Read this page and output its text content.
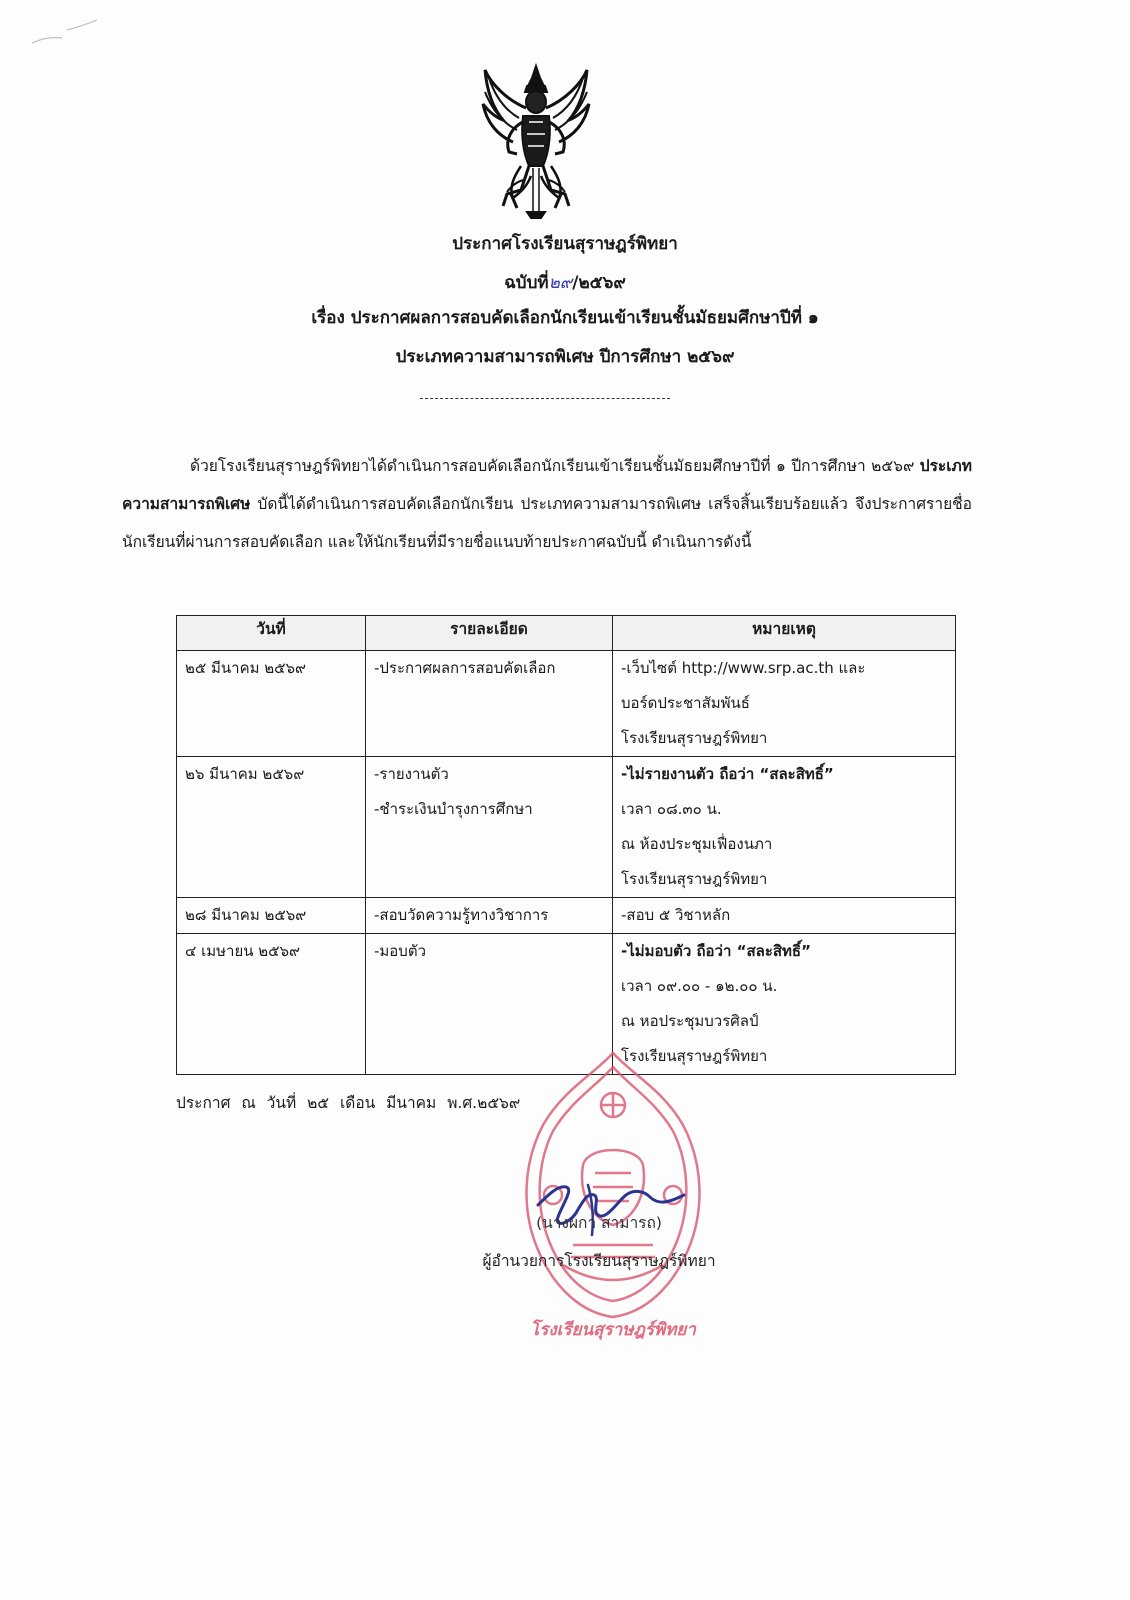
ประกาศโรงเรียนสุราษฎร์พิทยา
ฉบับที่๒๙/๒๕๖๙
เรื่อง ประกาศผลการสอบคัดเลือกนักเรียนเข้าเรียนชั้นมัธยมศึกษาปีที่ ๑
ประเภทความสามารถพิเศษ ปีการศึกษา ๒๕๖๙

ด้วยโรงเรียนสุราษฎร์พิทยาได้ดำเนินการสอบคัดเลือกนักเรียนเข้าเรียนชั้นมัธยมศึกษาปีที่ ๑ ปีการศึกษา ๒๕๖๙ ประเภทความสามารถพิเศษ บัดนี้ได้ดำเนินการสอบคัดเลือกนักเรียน ประเภทความสามารถพิเศษ เสร็จสิ้นเรียบร้อยแล้ว จึงประกาศรายชื่อนักเรียนที่ผ่านการสอบคัดเลือก และให้นักเรียนที่มีรายชื่อแนบท้ายประกาศฉบับนี้ ดำเนินการดังนี้

วันที่	รายละเอียด	หมายเหตุ
๒๕ มีนาคม ๒๕๖๙	-ประกาศผลการสอบคัดเลือก	-เว็บไซต์ http://www.srp.ac.th และ
บอร์ดประชาสัมพันธ์
โรงเรียนสุราษฎร์พิทยา

๒๖ มีนาคม ๒๕๖๙	-รายงานตัว
-ชำระเงินบำรุงการศึกษา	-ไม่รายงานตัว ถือว่า “สละสิทธิ์”
เวลา ๐๘.๓๐ น.
ณ ห้องประชุมเฟื่องนภา
โรงเรียนสุราษฎร์พิทยา

๒๘ มีนาคม ๒๕๖๙	-สอบวัดความรู้ทางวิชาการ	-สอบ ๕ วิชาหลัก

๔ เมษายน ๒๕๖๙	-มอบตัว	-ไม่มอบตัว ถือว่า “สละสิทธิ์”
เวลา ๐๙.๐๐ - ๑๒.๐๐ น.
ณ หอประชุมบวรศิลป์
โรงเรียนสุราษฎร์พิทยา
ประกาศ ณ วันที่ ๒๕ เดือน มีนาคม พ.ศ.๒๕๖๙
โรงเรียนสุราษฎร์พิทยา
(นางผกา สามารถ)
ผู้อำนวยการโรงเรียนสุราษฎร์พิทยา
